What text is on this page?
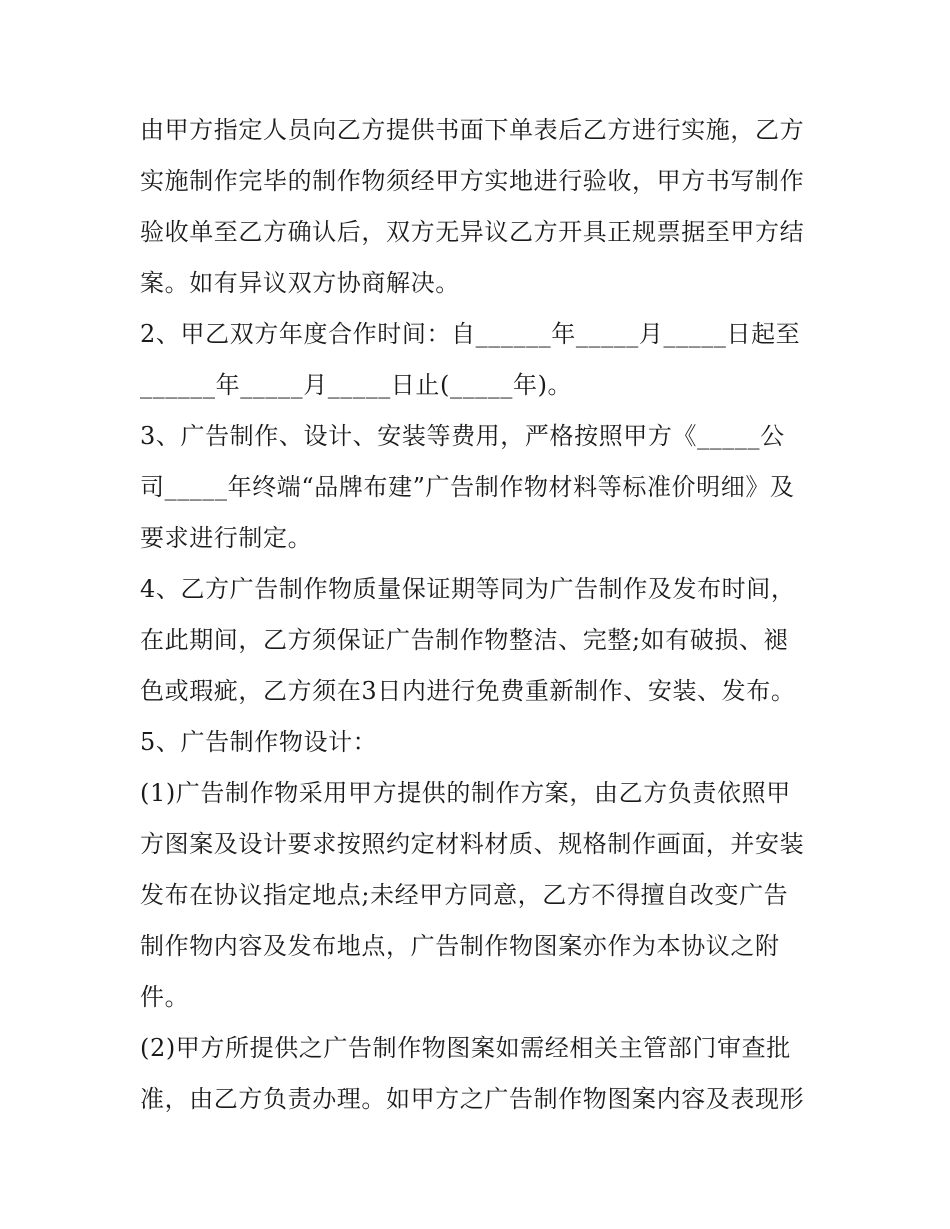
由甲方指定人员向乙方提供书面下单表后乙方进行实施，乙方

实施制作完毕的制作物须经甲方实地进行验收，甲方书写制作

验收单至乙方确认后，双方无异议乙方开具正规票据至甲方结

案。如有异议双方协商解决。

2、甲乙双方年度合作时间：自______年_____月_____日起至

______年_____月_____日止(_____年)。

3、广告制作、设计、安装等费用，严格按照甲方《_____公

司_____年终端“品牌布建”广告制作物材料等标准价明细》及

要求进行制定。

4、乙方广告制作物质量保证期等同为广告制作及发布时间，

在此期间，乙方须保证广告制作物整洁、完整;如有破损、褪

色或瑕疵，乙方须在3日内进行免费重新制作、安装、发布。

5、广告制作物设计：

(1)广告制作物采用甲方提供的制作方案，由乙方负责依照甲

方图案及设计要求按照约定材料材质、规格制作画面，并安装

发布在协议指定地点;未经甲方同意，乙方不得擅自改变广告

制作物内容及发布地点，广告制作物图案亦作为本协议之附

件。

(2)甲方所提供之广告制作物图案如需经相关主管部门审查批

准，由乙方负责办理。如甲方之广告制作物图案内容及表现形
